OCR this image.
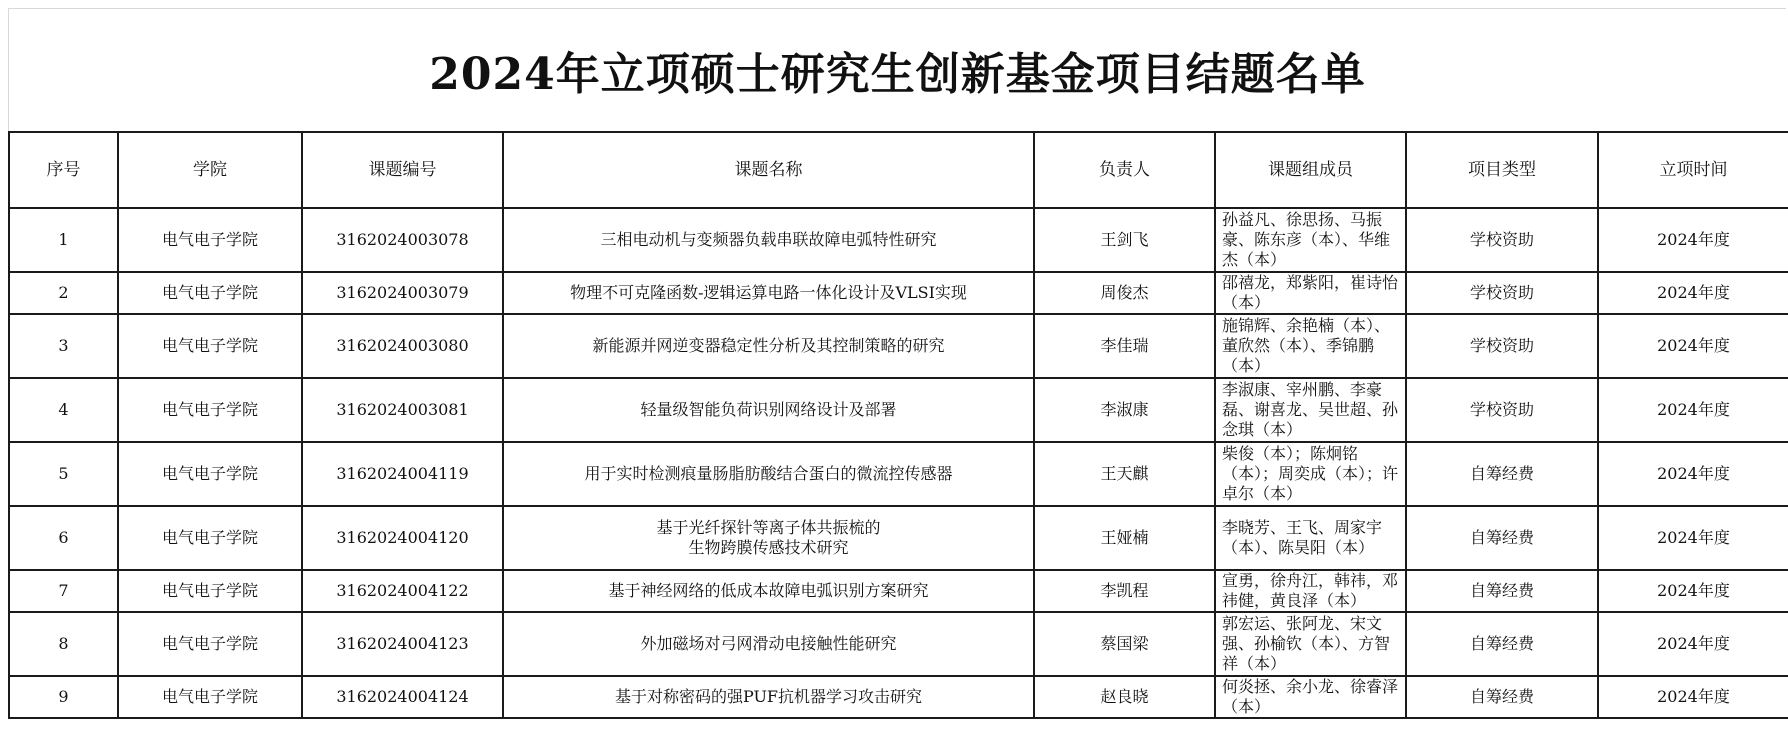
2024年立项硕士研究生创新基金项目结题名单
序号	学院	课题编号	课题名称	负责人	课题组成员	项目类型	立项时间
1	电气电子学院	3162024003078	三相电动机与变频器负载串联故障电弧特性研究	王剑飞	孙益凡、徐思扬、马振豪、陈东彦（本）、华维杰（本）	学校资助	2024年度
2	电气电子学院	3162024003079	物理不可克隆函数-逻辑运算电路一体化设计及VLSI实现	周俊杰	邵禧龙，郑紫阳，崔诗怡（本）	学校资助	2024年度
3	电气电子学院	3162024003080	新能源并网逆变器稳定性分析及其控制策略的研究	李佳瑞	施锦辉、余艳楠（本）、董欣然（本）、季锦鹏（本）	学校资助	2024年度
4	电气电子学院	3162024003081	轻量级智能负荷识别网络设计及部署	李淑康	李淑康、宰州鹏、李豪磊、谢喜龙、吴世超、孙念琪（本）	学校资助	2024年度
5	电气电子学院	3162024004119	用于实时检测痕量肠脂肪酸结合蛋白的微流控传感器	王天麒	柴俊（本）；陈炯铭（本）；周奕成（本）；许卓尔（本）	自筹经费	2024年度
6	电气电子学院	3162024004120	基于光纤探针等离子体共振梳的
生物跨膜传感技术研究	王娅楠	李晓芳、王飞、周家宇（本）、陈昊阳（本）	自筹经费	2024年度
7	电气电子学院	3162024004122	基于神经网络的低成本故障电弧识别方案研究	李凯程	宣勇，徐舟江，韩祎，邓祎健，黄良泽（本）	自筹经费	2024年度
8	电气电子学院	3162024004123	外加磁场对弓网滑动电接触性能研究	蔡国梁	郭宏运、张阿龙、宋文强、孙榆钦（本）、方智祥（本）	自筹经费	2024年度
9	电气电子学院	3162024004124	基于对称密码的强PUF抗机器学习攻击研究	赵良晓	何炎拯、余小龙、徐睿泽（本）	自筹经费	2024年度
